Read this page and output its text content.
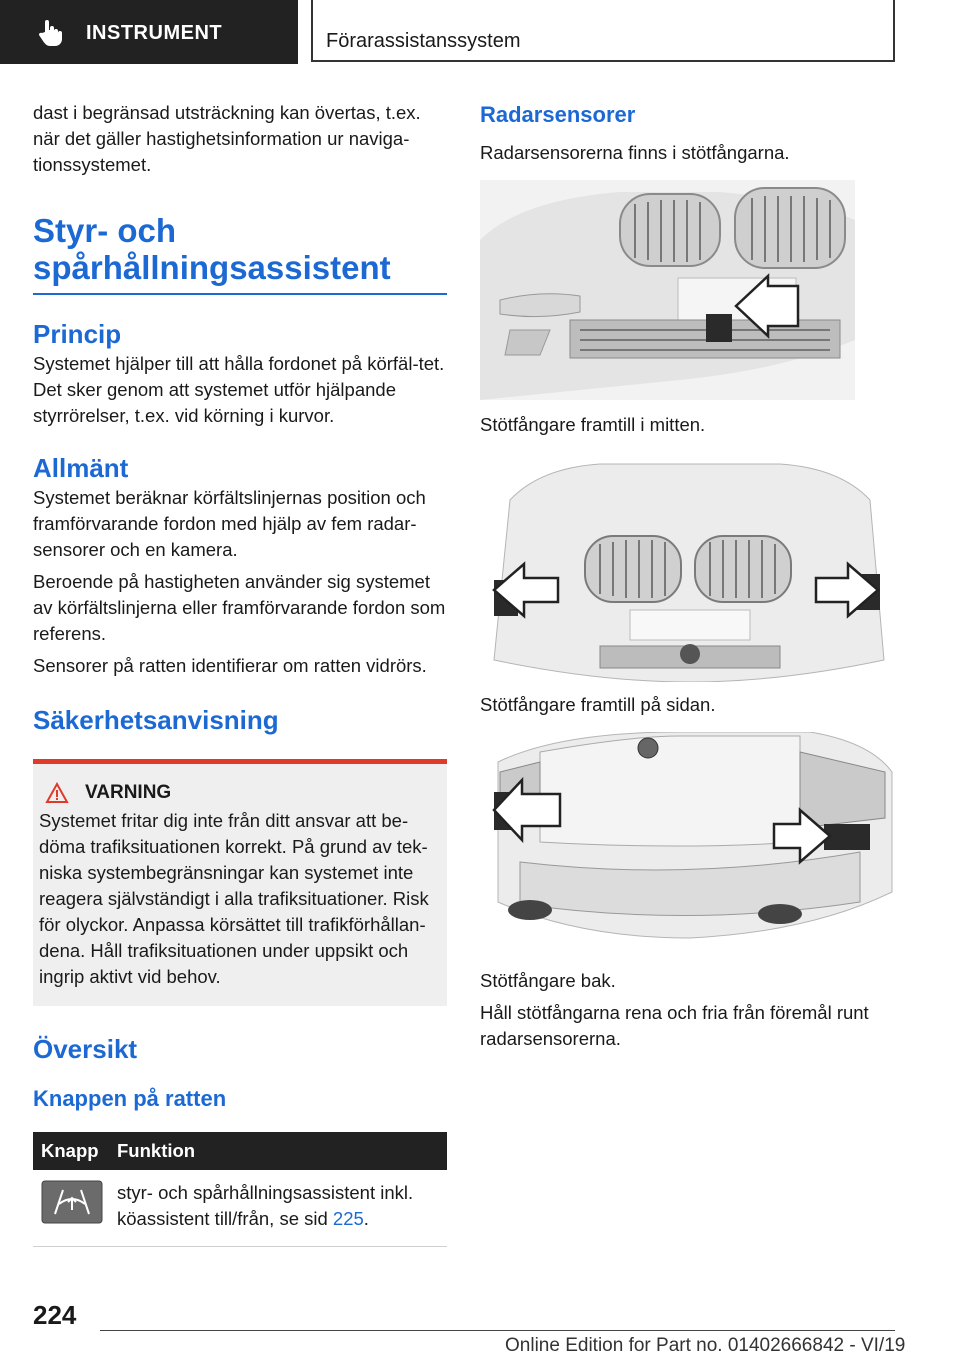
INSTRUMENT	Förarassistanssystem

dast i begränsad utsträckning kan övertas, t.ex. när det gäller hastighetsinformation ur naviga-tionssystemet.

Styr- och spårhållningsassistent
Princip

Systemet hjälper till att hålla fordonet på körfäl-tet. Det sker genom att systemet utför hjälpande styrrörelser, t.ex. vid körning i kurvor.

Allmänt

Systemet beräknar körfältslinjernas position och framförvarande fordon med hjälp av fem radar-sensorer och en kamera.

Beroende på hastigheten använder sig systemet av körfältslinjerna eller framförvarande fordon som referens.

Sensorer på ratten identifierar om ratten vidrörs.

Säkerhetsanvisning
VARNING

Systemet fritar dig inte från ditt ansvar att be-döma trafiksituationen korrekt. På grund av tek-niska systembegränsningar kan systemet inte reagera självständigt i alla trafiksituationer. Risk för olyckor. Anpassa körsättet till trafikförhållan-dena. Håll trafiksituationen under uppsikt och ingrip aktivt vid behov.

Översikt
Knappen på ratten
Knapp	Funktion
	styr- och spårhållningsassistent inkl. köassistent till/från, se sid 225.
Radarsensorer

Radarsensorerna finns i stötfångarna.

Stötfångare framtill i mitten.

Stötfångare framtill på sidan.

Stötfångare bak.

Håll stötfångarna rena och fria från föremål runt radarsensorerna.

224
Online Edition for Part no. 01402666842 - VI/19
